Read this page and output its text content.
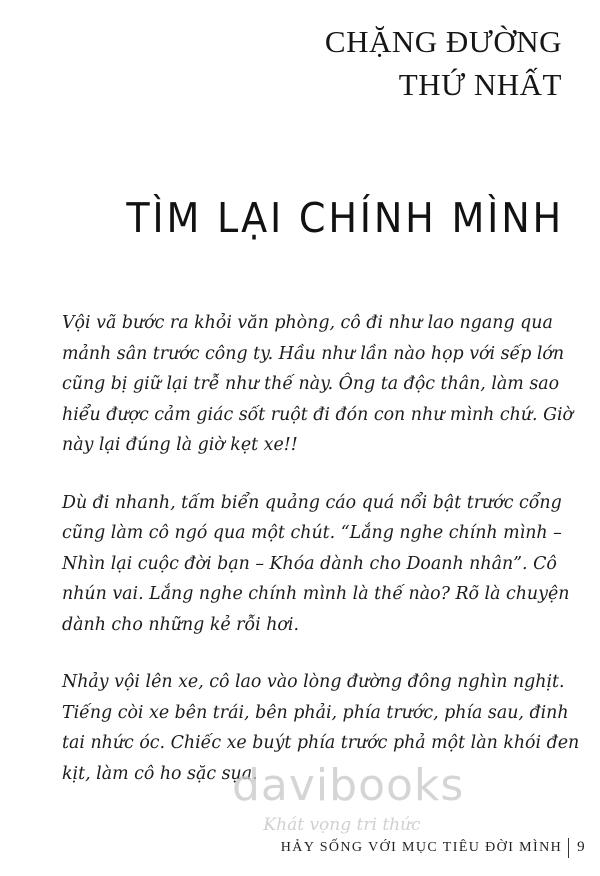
CHẶNG ĐƯỜNG
THỨ NHẤT
TÌM LẠI CHÍNH MÌNH

Vội vã bước ra khỏi văn phòng, cô đi như lao ngang qua
mảnh sân trước công ty. Hầu như lần nào họp với sếp lớn
cũng bị giữ lại trễ như thế này. Ông ta độc thân, làm sao
hiểu được cảm giác sốt ruột đi đón con như mình chứ. Giờ
này lại đúng là giờ kẹt xe!!

Dù đi nhanh, tấm biển quảng cáo quá nổi bật trước cổng
cũng làm cô ngó qua một chút. “Lắng nghe chính mình –
Nhìn lại cuộc đời bạn – Khóa dành cho Doanh nhân”. Cô
nhún vai. Lắng nghe chính mình là thế nào? Rõ là chuyện
dành cho những kẻ rỗi hơi.

Nhảy vội lên xe, cô lao vào lòng đường đông nghìn nghịt.
Tiếng còi xe bên trái, bên phải, phía trước, phía sau, đinh
tai nhức óc. Chiếc xe buýt phía trước phả một làn khói đen
kịt, làm cô ho sặc sụa.

davibooks
Khát vọng tri thức
HẢY SỐNG VỚI MỤC TIÊU ĐỜI MÌNH 9
